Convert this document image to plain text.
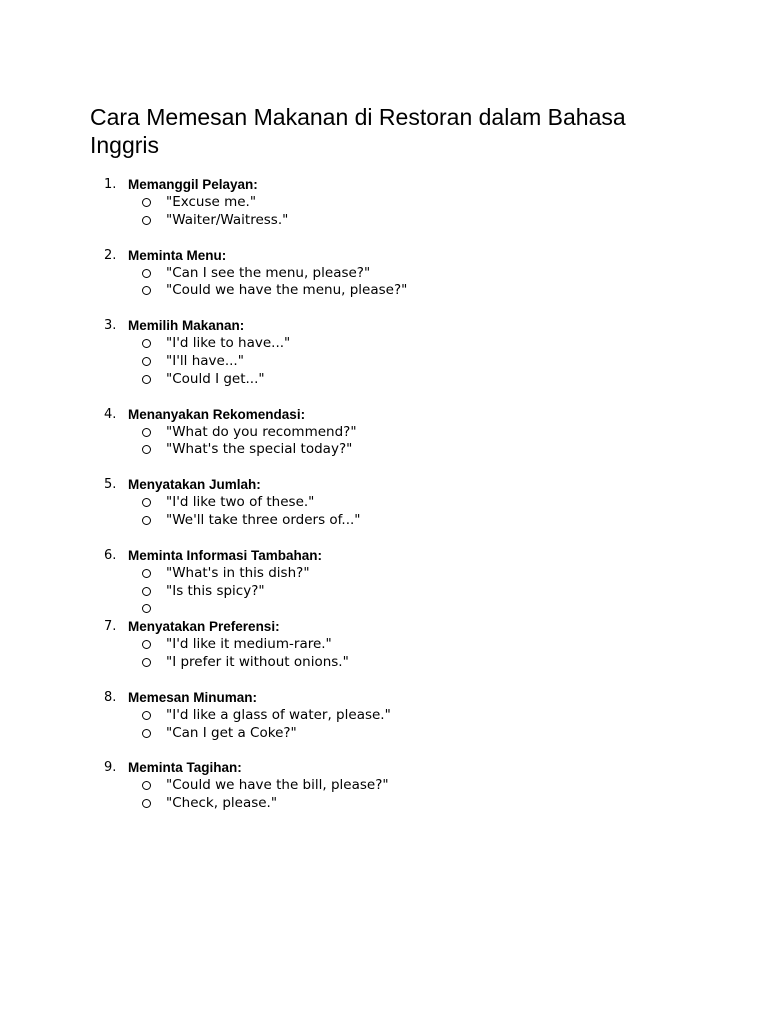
Cara Memesan Makanan di Restoran dalam Bahasa Inggris
1. Memanggil Pelayan:
"Excuse me."
"Waiter/Waitress."
2. Meminta Menu:
"Can I see the menu, please?"
"Could we have the menu, please?"
3. Memilih Makanan:
"I'd like to have..."
"I'll have..."
"Could I get..."
4. Menanyakan Rekomendasi:
"What do you recommend?"
"What's the special today?"
5. Menyatakan Jumlah:
"I'd like two of these."
"We'll take three orders of..."
6. Meminta Informasi Tambahan:
"What's in this dish?"
"Is this spicy?"
7. Menyatakan Preferensi:
"I'd like it medium-rare."
"I prefer it without onions."
8. Memesan Minuman:
"I'd like a glass of water, please."
"Can I get a Coke?"
9. Meminta Tagihan:
"Could we have the bill, please?"
"Check, please."
